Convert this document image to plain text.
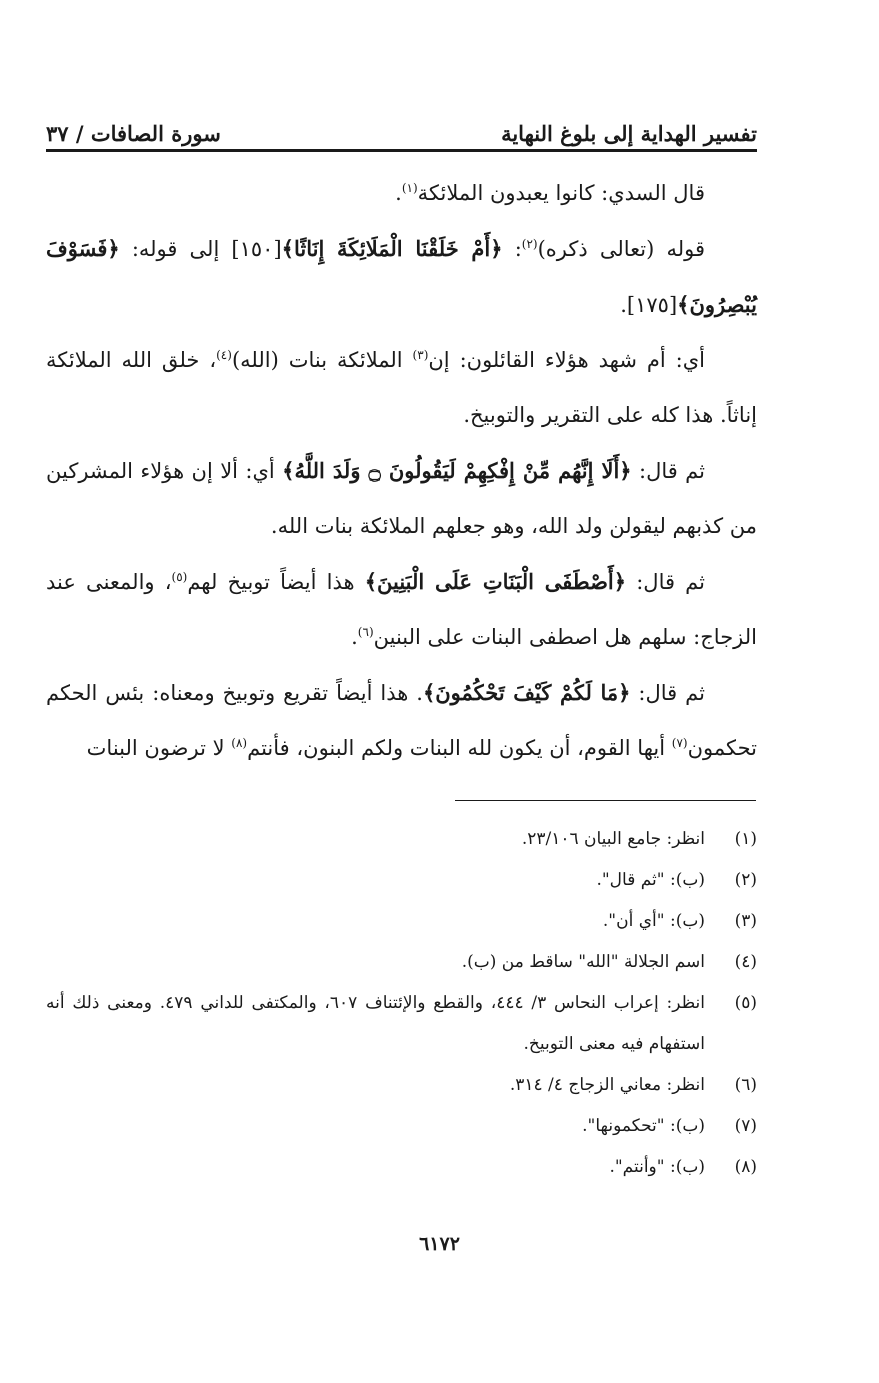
تفسير الهداية إلى بلوغ النهاية
سورة الصافات / ٣٧

قال السدي: كانوا يعبدون الملائكة$^{(١)}$.

قوله (تعالى ذكره)$^{(٢)}$: ﴿أَمْ خَلَقْنَا الْمَلَائِكَةَ إِنَاثًا﴾[١٥٠] إلى قوله: ﴿فَسَوْفَ يُبْصِرُونَ﴾[١٧٥].

أي: أم شهد هؤلاء القائلون: إن$^{(٣)}$ الملائكة بنات (الله)$^{(٤)}$، خلق الله الملائكة إناثاً. هذا كله على التقرير والتوبيخ.

ثم قال: ﴿أَلَا إِنَّهُم مِّنْ إِفْكِهِمْ لَيَقُولُونَ ۝ وَلَدَ اللَّهُ﴾ أي: ألا إن هؤلاء المشركين من كذبهم ليقولن ولد الله، وهو جعلهم الملائكة بنات الله.

ثم قال: ﴿أَصْطَفَى الْبَنَاتِ عَلَى الْبَنِينَ﴾ هذا أيضاً توبيخ لهم$^{(٥)}$، والمعنى عند الزجاج: سلهم هل اصطفى البنات على البنين$^{(٦)}$.

ثم قال: ﴿مَا لَكُمْ كَيْفَ تَحْكُمُونَ﴾. هذا أيضاً تقريع وتوبيخ ومعناه: بئس الحكم تحكمون$^{(٧)}$ أيها القوم، أن يكون لله البنات ولكم البنون، فأنتم$^{(٨)}$ لا ترضون البنات

(١)
انظر: جامع البيان ٢٣/١٠٦.
(٢)
(ب): "ثم قال".
(٣)
(ب): "أي أن".
(٤)
اسم الجلالة "الله" ساقط من (ب).
(٥)
انظر: إعراب النحاس ٣/ ٤٤٤، والقطع والإئتناف ٦٠٧، والمكتفى للداني ٤٧٩. ومعنى ذلك أنه استفهام فيه معنى التوبيخ.
(٦)
انظر: معاني الزجاج ٤/ ٣١٤.
(٧)
(ب): "تحكمونها".
(٨)
(ب): "وأنتم".
٦١٧٢
